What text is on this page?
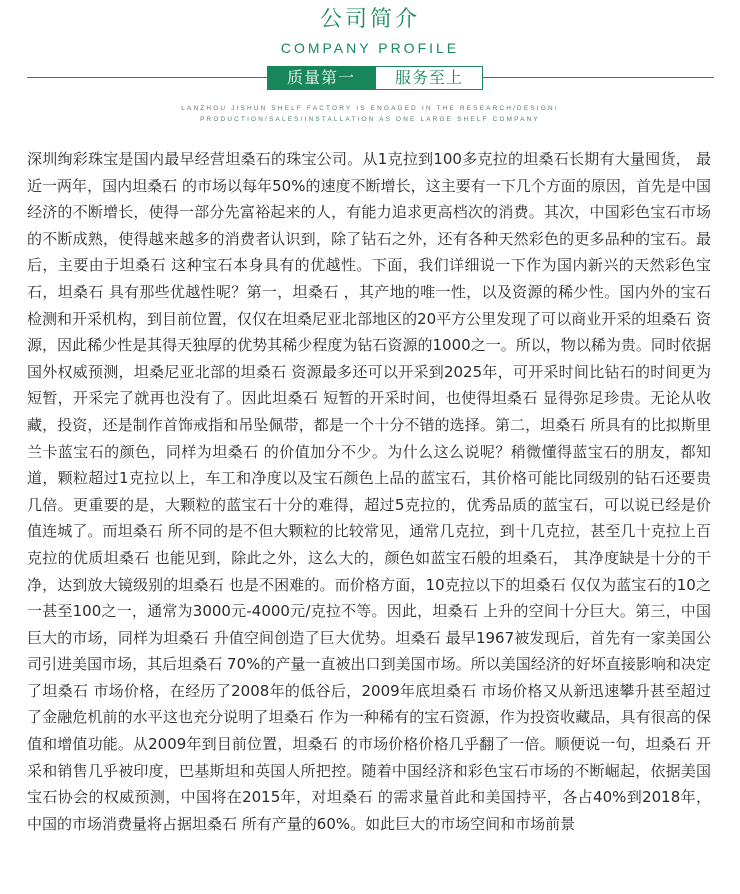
公司简介
COMPANY PROFILE
质量第一	服务至上
LANZHOU JISHUN SHELF FACTORY IS ENGAGED IN THE RESEARCH/DESIGN/
PRODUCTION/SALES/INSTALLATION AS ONE LARGE SHELF COMPANY

深圳绚彩珠宝是国内最早经营坦桑石的珠宝公司。从1克拉到100多克拉的坦桑石长期有大量囤货， 最近一两年，国内坦桑石 的市场以每年50%的速度不断增长，这主要有一下几个方面的原因，首先是中国经济的不断增长，使得一部分先富裕起来的人，有能力追求更高档次的消费。其次，中国彩色宝石市场的不断成熟，使得越来越多的消费者认识到，除了钻石之外，还有各种天然彩色的更多品种的宝石。最后，主要由于坦桑石 这种宝石本身具有的优越性。下面，我们详细说一下作为国内新兴的天然彩色宝石，坦桑石 具有那些优越性呢？第一，坦桑石 ，其产地的唯一性，以及资源的稀少性。国内外的宝石检测和开采机构，到目前位置，仅仅在坦桑尼亚北部地区的20平方公里发现了可以商业开采的坦桑石 资源，因此稀少性是其得天独厚的优势其稀少程度为钻石资源的1000之一。所以，物以稀为贵。同时依据国外权威预测，坦桑尼亚北部的坦桑石 资源最多还可以开采到2025年，可开采时间比钻石的时间更为短暂，开采完了就再也没有了。因此坦桑石 短暂的开采时间，也使得坦桑石 显得弥足珍贵。无论从收藏，投资，还是制作首饰戒指和吊坠佩带，都是一个十分不错的选择。第二，坦桑石 所具有的比拟斯里兰卡蓝宝石的颜色，同样为坦桑石 的价值加分不少。为什么这么说呢？稍微懂得蓝宝石的朋友，都知道，颗粒超过1克拉以上，车工和净度以及宝石颜色上品的蓝宝石，其价格可能比同级别的钻石还要贵几倍。更重要的是，大颗粒的蓝宝石十分的难得，超过5克拉的，优秀品质的蓝宝石，可以说已经是价值连城了。而坦桑石 所不同的是不但大颗粒的比较常见，通常几克拉，到十几克拉，甚至几十克拉上百克拉的优质坦桑石 也能见到，除此之外，这么大的，颜色如蓝宝石般的坦桑石， 其净度缺是十分的干净，达到放大镜级别的坦桑石 也是不困难的。而价格方面，10克拉以下的坦桑石 仅仅为蓝宝石的10之一甚至100之一，通常为3000元-4000元/克拉不等。因此，坦桑石 上升的空间十分巨大。第三，中国巨大的市场，同样为坦桑石 升值空间创造了巨大优势。坦桑石 最早1967被发现后，首先有一家美国公司引进美国市场，其后坦桑石 70%的产量一直被出口到美国市场。所以美国经济的好坏直接影响和决定了坦桑石 市场价格，在经历了2008年的低谷后，2009年底坦桑石 市场价格又从新迅速攀升甚至超过了金融危机前的水平这也充分说明了坦桑石 作为一种稀有的宝石资源，作为投资收藏品，具有很高的保值和增值功能。从2009年到目前位置，坦桑石 的市场价格价格几乎翻了一倍。顺便说一句，坦桑石 开采和销售几乎被印度，巴基斯坦和英国人所把控。随着中国经济和彩色宝石市场的不断崛起，依据美国宝石协会的权威预测，中国将在2015年，对坦桑石 的需求量首此和美国持平，各占40%到2018年，中国的市场消费量将占据坦桑石 所有产量的60%。如此巨大的市场空间和市场前景
